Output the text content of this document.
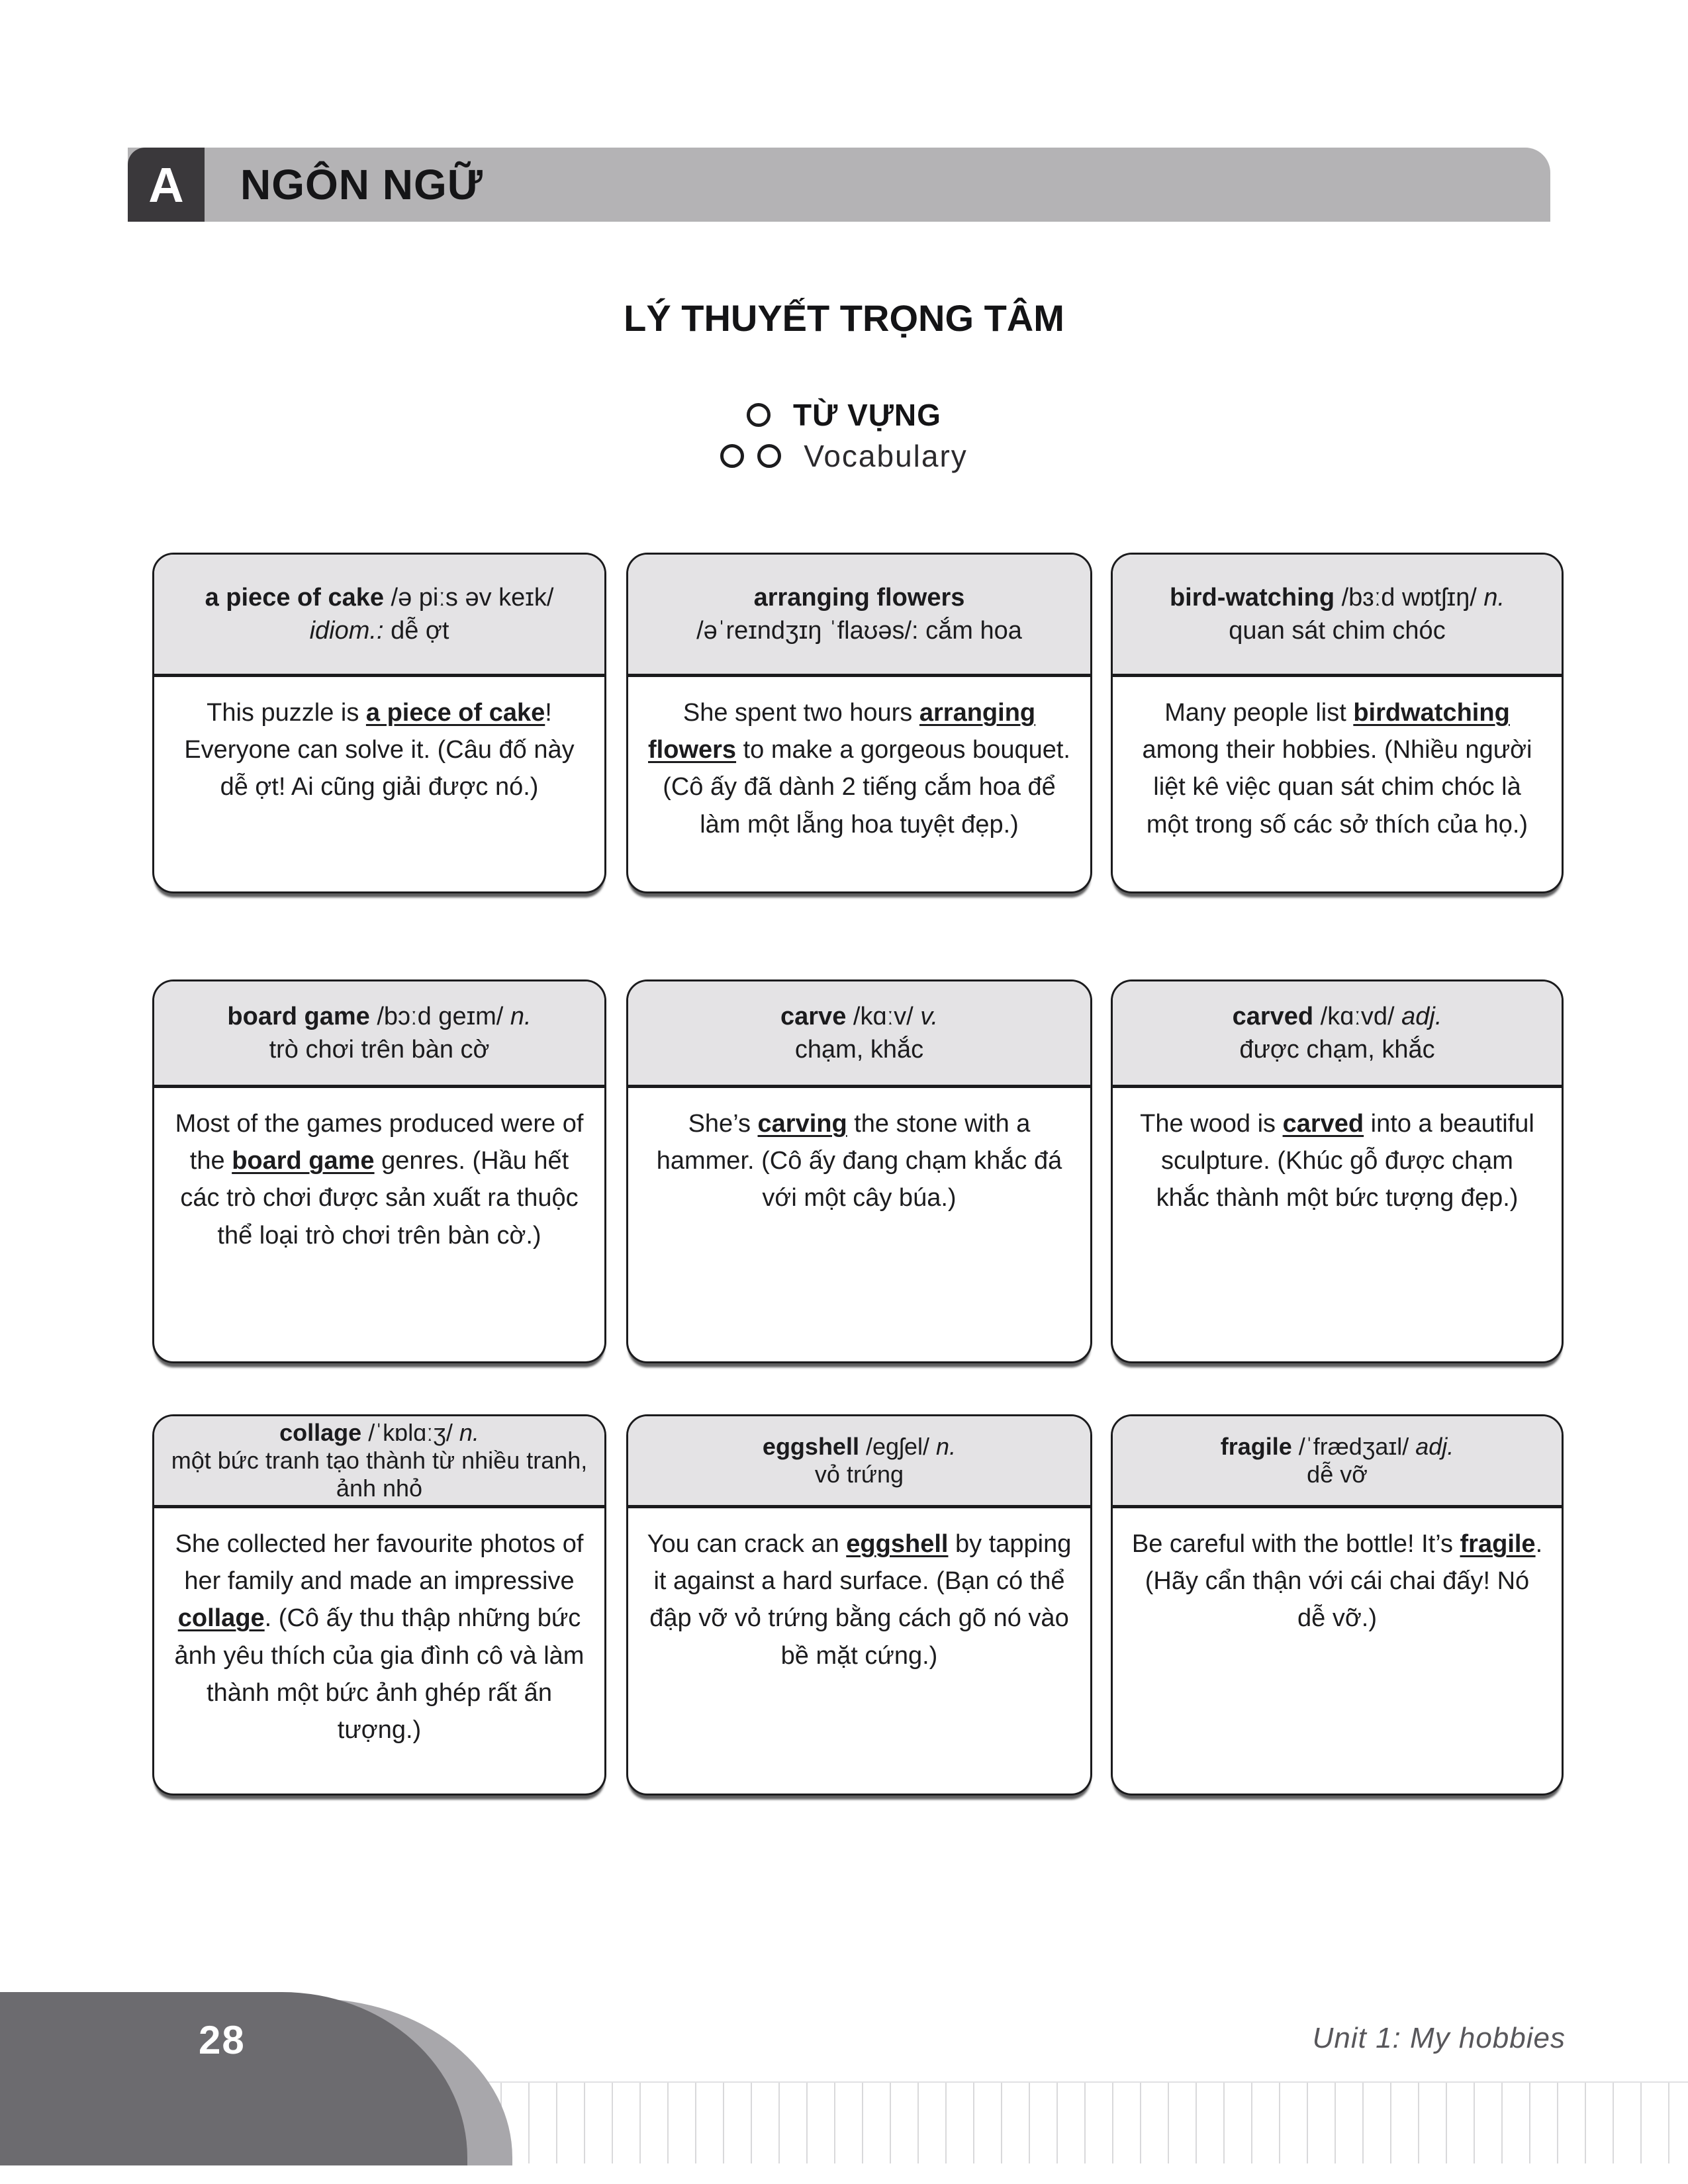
A NGÔN NGỮ
LÝ THUYẾT TRỌNG TÂM
TỪ VỰNG
Vocabulary
a piece of cake /ə piːs əv keɪk/
idiom.: dễ ợt
This puzzle is a piece of cake! Everyone can solve it. (Câu đố này dễ ợt! Ai cũng giải được nó.)
arranging flowers
/əˈreɪndʒɪŋ ˈflaʊəs/: cắm hoa
She spent two hours arranging flowers to make a gorgeous bouquet. (Cô ấy đã dành 2 tiếng cắm hoa để làm một lẵng hoa tuyệt đẹp.)
bird-watching /bɜːd wɒtʃɪŋ/ n.
quan sát chim chóc
Many people list birdwatching among their hobbies. (Nhiều người liệt kê việc quan sát chim chóc là một trong số các sở thích của họ.)
board game /bɔːd geɪm/ n.
trò chơi trên bàn cờ
Most of the games produced were of the board game genres. (Hầu hết các trò chơi được sản xuất ra thuộc thể loại trò chơi trên bàn cờ.)
carve /kɑːv/ v.
chạm, khắc
She’s carving the stone with a hammer. (Cô ấy đang chạm khắc đá với một cây búa.)
carved /kɑːvd/ adj.
được chạm, khắc
The wood is carved into a beautiful sculpture. (Khúc gỗ được chạm khắc thành một bức tượng đẹp.)
collage /ˈkɒlɑːʒ/ n.
một bức tranh tạo thành từ nhiều tranh, ảnh nhỏ
She collected her favourite photos of her family and made an impressive collage. (Cô ấy thu thập những bức ảnh yêu thích của gia đình cô và làm thành một bức ảnh ghép rất ấn tượng.)
eggshell /egʃel/ n.
vỏ trứng
You can crack an eggshell by tapping it against a hard surface. (Bạn có thể đập vỡ vỏ trứng bằng cách gõ nó vào bề mặt cứng.)
fragile /ˈfrædʒaɪl/ adj.
dễ vỡ
Be careful with the bottle! It’s fragile. (Hãy cẩn thận với cái chai đấy! Nó dễ vỡ.)
28	Unit 1: My hobbies
